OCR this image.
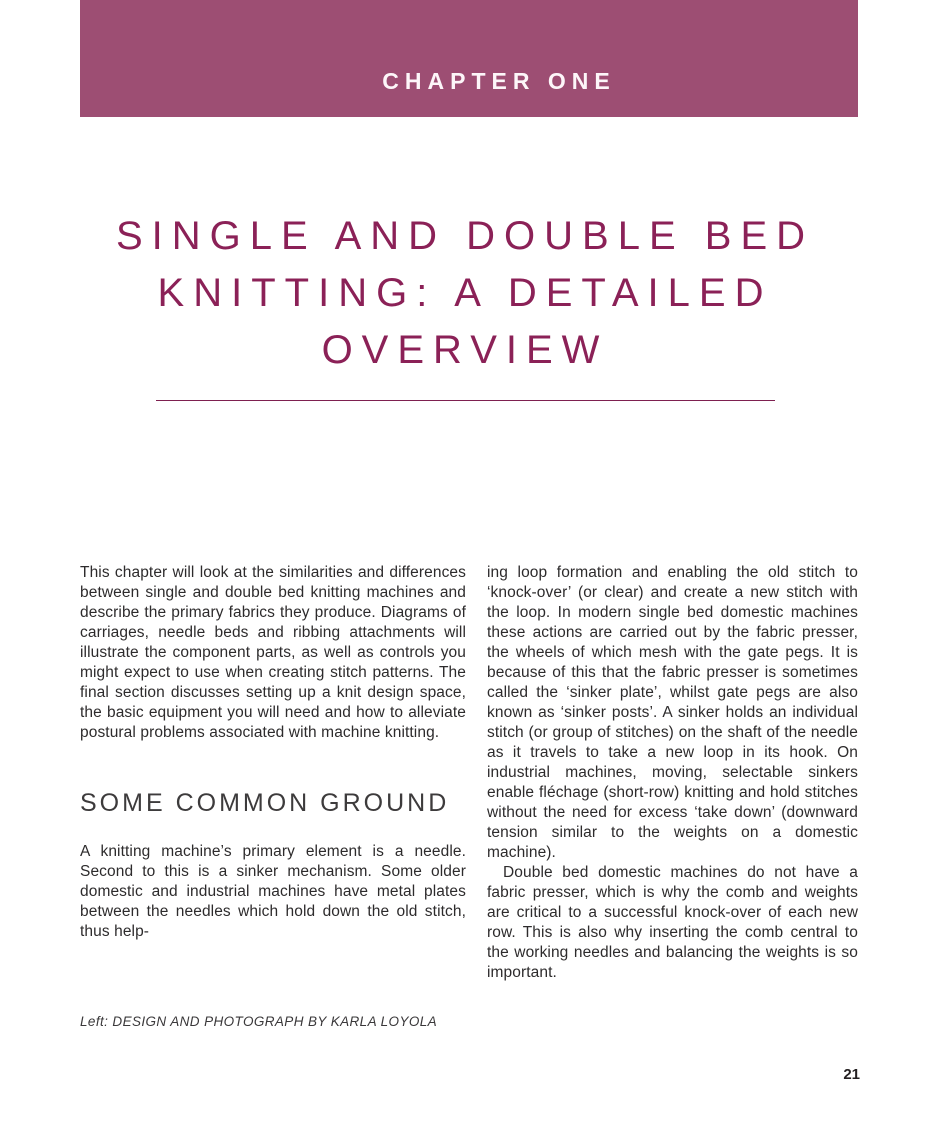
CHAPTER ONE
SINGLE AND DOUBLE BED
KNITTING: A DETAILED
OVERVIEW

This chapter will look at the similarities and differences between single and double bed knitting machines and describe the primary fabrics they produce. Diagrams of carriages, needle beds and ribbing attachments will illustrate the component parts, as well as controls you might expect to use when creating stitch patterns. The final section discusses setting up a knit design space, the basic equipment you will need and how to alleviate postural problems associated with machine knitting.

SOME COMMON GROUND

A knitting machine’s primary element is a needle. Second to this is a sinker mechanism. Some older domestic and industrial machines have metal plates between the needles which hold down the old stitch, thus help-

ing loop formation and enabling the old stitch to ‘knock-over’ (or clear) and create a new stitch with the loop. In modern single bed domestic machines these actions are carried out by the fabric presser, the wheels of which mesh with the gate pegs. It is because of this that the fabric presser is sometimes called the ‘sinker plate’, whilst gate pegs are also known as ‘sinker posts’. A sinker holds an individual stitch (or group of stitches) on the shaft of the needle as it travels to take a new loop in its hook. On industrial machines, moving, selectable sinkers enable fléchage (short-row) knitting and hold stitches without the need for excess ‘take down’ (downward tension similar to the weights on a domestic machine).

Double bed domestic machines do not have a fabric presser, which is why the comb and weights are critical to a successful knock-over of each new row. This is also why inserting the comb central to the working needles and balancing the weights is so important.

Left: DESIGN AND PHOTOGRAPH BY KARLA LOYOLA

21
